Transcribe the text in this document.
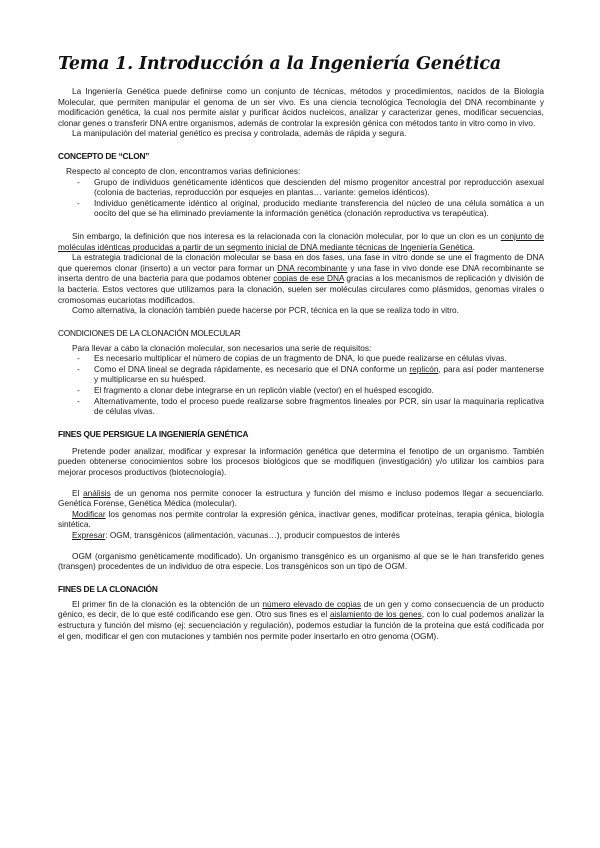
Tema 1. Introducción a la Ingeniería Genética

La Ingeniería Genética puede definirse como un conjunto de técnicas, métodos y procedimientos, nacidos de la Biología Molecular, que permiten manipular el genoma de un ser vivo. Es una ciencia tecnológica Tecnología del DNA recombinante y modificación genética, la cual nos permite aislar y purificar ácidos nucleicos, analizar y caracterizar genes, modificar secuencias, clonar genes o transferir DNA entre organismos, además de controlar la expresión génica con métodos tanto in vitro como in vivo.

La manipulación del material genético es precisa y controlada, además de rápida y segura.

CONCEPTO DE “CLON”

Respecto al concepto de clon, encontramos varias definiciones:

- Grupo de individuos genéticamente idénticos que descienden del mismo progenitor ancestral por reproducción asexual (colonia de bacterias, reproducción por esquejes en plantas… variante: gemelos idénticos).
- Individuo genéticamente idéntico al original, producido mediante transferencia del núcleo de una célula somática a un oocito del que se ha eliminado previamente la información genética (clonación reproductiva vs terapéutica).

Sin embargo, la definición que nos interesa es la relacionada con la clonación molecular, por lo que un clon es un conjunto de moléculas idénticas producidas a partir de un segmento inicial de DNA mediante técnicas de Ingeniería Genética.

La estrategia tradicional de la clonación molecular se basa en dos fases, una fase in vitro donde se une el fragmento de DNA que queremos clonar (inserto) a un vector para formar un DNA recombinante y una fase in vivo donde ese DNA recombinante se inserta dentro de una bacteria para que podamos obtener copias de ese DNA gracias a los mecanismos de replicación y división de la bacteria. Estos vectores que utilizamos para la clonación, suelen ser moléculas circulares como plásmidos, genomas virales o cromosomas eucariotas modificados.

Como alternativa, la clonación también puede hacerse por PCR, técnica en la que se realiza todo in vitro.

CONDICIONES DE LA CLONACIÓN MOLECULAR

Para llevar a cabo la clonación molecular, son necesarios una serie de requisitos:

- Es necesario multiplicar el número de copias de un fragmento de DNA, lo que puede realizarse en células vivas.
- Como el DNA lineal se degrada rápidamente, es necesario que el DNA conforme un replicón, para así poder mantenerse y multiplicarse en su huésped.
- El fragmento a clonar debe integrarse en un replicón viable (vector) en el huésped escogido.
- Alternativamente, todo el proceso puede realizarse sobre fragmentos lineales por PCR, sin usar la maquinaria replicativa de células vivas.
FINES QUE PERSIGUE LA INGENIERÍA GENÉTICA

Pretende poder analizar, modificar y expresar la información genética que determina el fenotipo de un organismo. También pueden obtenerse conocimientos sobre los procesos biológicos que se modifiquen (investigación) y/o utilizar los cambios para mejorar procesos productivos (biotecnología).

El análisis de un genoma nos permite conocer la estructura y función del mismo e incluso podemos llegar a secuenciarlo. Genética Forense, Genética Médica (molecular).

Modificar los genomas nos permite controlar la expresión génica, inactivar genes, modificar proteínas, terapia génica, biología sintética.

Expresar: OGM, transgénicos (alimentación, vacunas…), producir compuestos de interés

OGM (organismo genéticamente modificado). Un organismo transgénico es un organismo al que se le han transferido genes (transgen) procedentes de un individuo de otra especie. Los transgénicos son un tipo de OGM.

FINES DE LA CLONACIÓN

El primer fin de la clonación es la obtención de un número elevado de copias de un gen y como consecuencia de un producto génico, es decir, de lo que esté codificando ese gen. Otro sus fines es el aislamiento de los genes, con lo cual podemos analizar la estructura y función del mismo (ej: secuenciación y regulación), podemos estudiar la función de la proteína que está codificada por el gen, modificar el gen con mutaciones y también nos permite poder insertarlo en otro genoma (OGM).
